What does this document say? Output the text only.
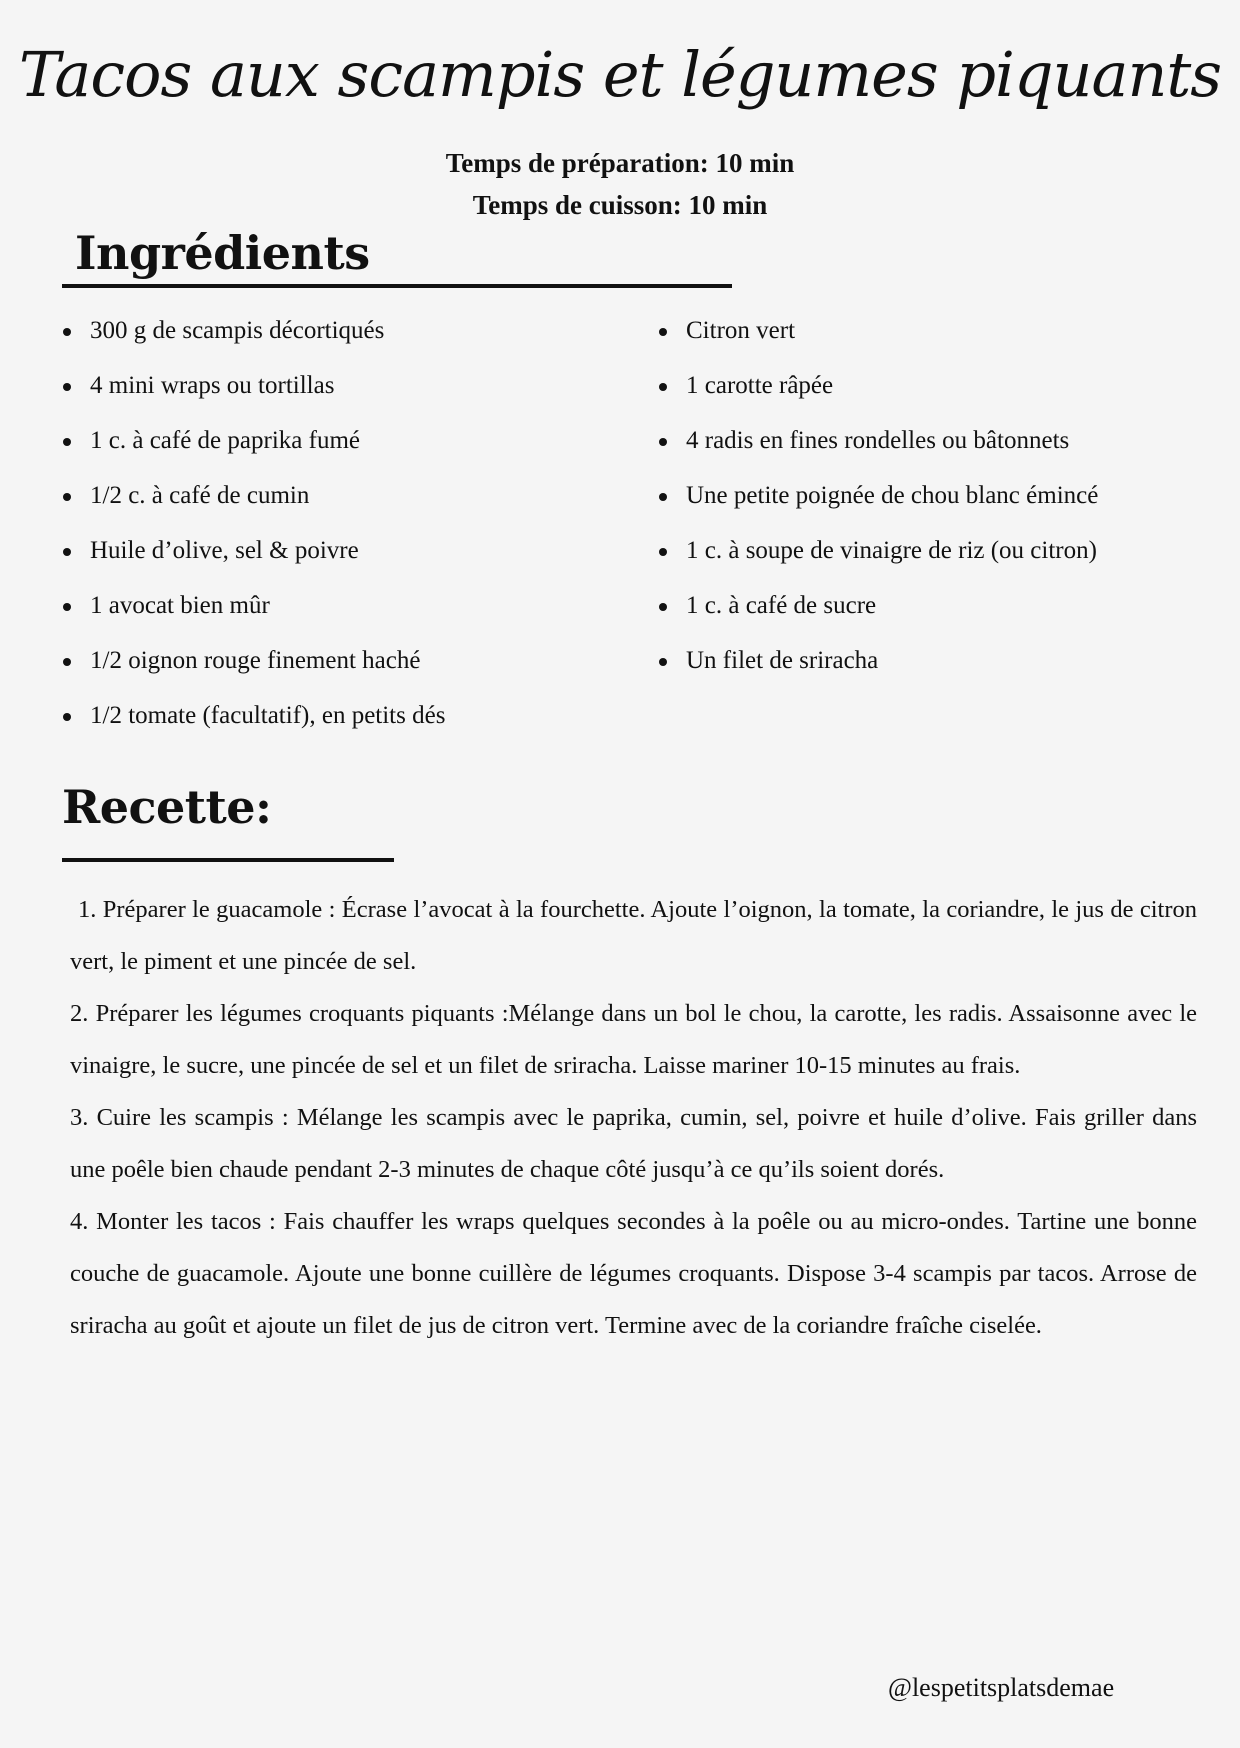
Tacos aux scampis et légumes piquants

Temps de préparation: 10 min

Temps de cuisson: 10 min

Ingrédients
300 g de scampis décortiqués
4 mini wraps ou tortillas
1 c. à café de paprika fumé
1/2 c. à café de cumin
Huile d’olive, sel & poivre
1 avocat bien mûr
1/2 oignon rouge finement haché
1/2 tomate (facultatif), en petits dés
Citron vert
1 carotte râpée
4 radis en fines rondelles ou bâtonnets
Une petite poignée de chou blanc émincé
1 c. à soupe de vinaigre de riz (ou citron)
1 c. à café de sucre
Un filet de sriracha
Recette:

1. Préparer le guacamole : Écrase l’avocat à la fourchette. Ajoute l’oignon, la tomate, la coriandre, le jus de citron vert, le piment et une pincée de sel.

2. Préparer les légumes croquants piquants :Mélange dans un bol le chou, la carotte, les radis. Assaisonne avec le vinaigre, le sucre, une pincée de sel et un filet de sriracha. Laisse mariner 10-15 minutes au frais.

3. Cuire les scampis : Mélange les scampis avec le paprika, cumin, sel, poivre et huile d’olive. Fais griller dans une poêle bien chaude pendant 2-3 minutes de chaque côté jusqu’à ce qu’ils soient dorés.

4. Monter les tacos : Fais chauffer les wraps quelques secondes à la poêle ou au micro-ondes. Tartine une bonne couche de guacamole. Ajoute une bonne cuillère de légumes croquants. Dispose 3-4 scampis par tacos. Arrose de sriracha au goût et ajoute un filet de jus de citron vert. Termine avec de la coriandre fraîche ciselée.

@lespetitsplatsdemae
